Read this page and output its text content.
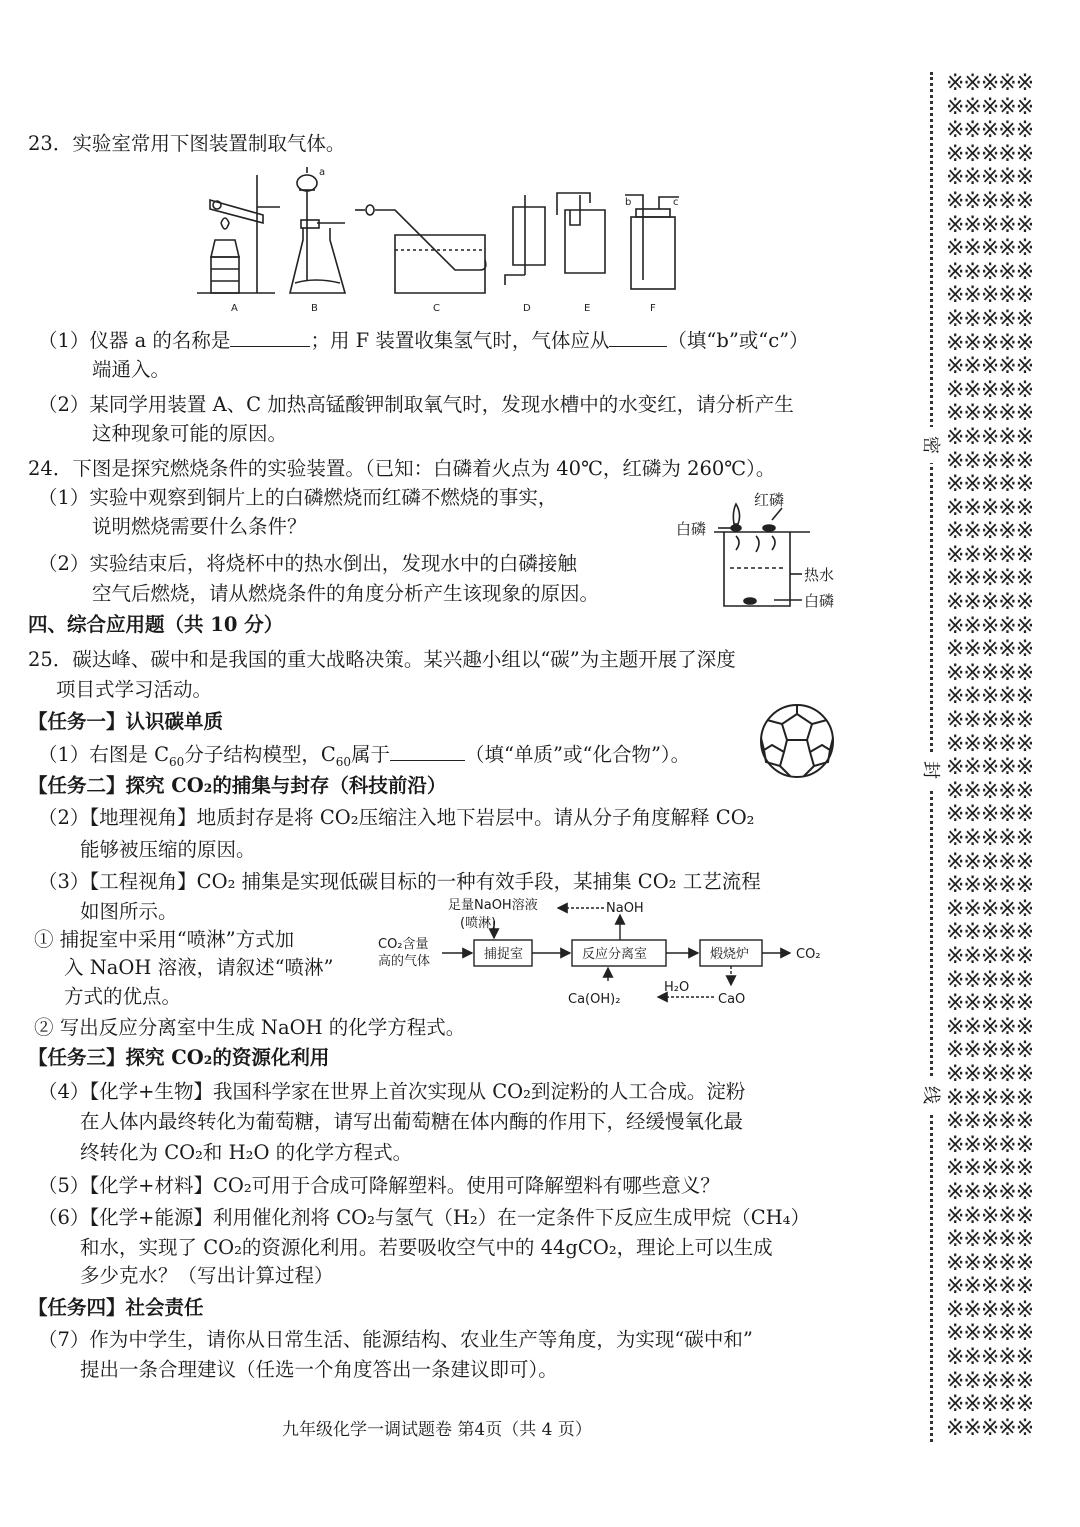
※※※※※
※※※※※
※※※※※
※※※※※
※※※※※
※※※※※
※※※※※
※※※※※
※※※※※
※※※※※
※※※※※
※※※※※
※※※※※
※※※※※
※※※※※
※※※※※
※※※※※
※※※※※
※※※※※
※※※※※
※※※※※
※※※※※
※※※※※
※※※※※
※※※※※
※※※※※
※※※※※
※※※※※
※※※※※
※※※※※
※※※※※
※※※※※
※※※※※
※※※※※
※※※※※
※※※※※
※※※※※
※※※※※
※※※※※
※※※※※
※※※※※
※※※※※
※※※※※
※※※※※
※※※※※
※※※※※
※※※※※
※※※※※
※※※※※
※※※※※
※※※※※
※※※※※
※※※※※
※※※※※
※※※※※
※※※※※
※※※※※
※※※※※
密
封
线
23．实验室常用下图装置制取气体。
A	B	C	D	E	F
a
b	c
（1）仪器 a 的名称是	；用 F 装置收集氢气时，气体应从	（填“b”或“c”）
端通入。
（2）某同学用装置 A、C 加热高锰酸钾制取氧气时，发现水槽中的水变红，请分析产生
这种现象可能的原因。
24．下图是探究燃烧条件的实验装置。（已知：白磷着火点为 40℃，红磷为 260℃）。
（1）实验中观察到铜片上的白磷燃烧而红磷不燃烧的事实，
说明燃烧需要什么条件？
（2）实验结束后，将烧杯中的热水倒出，发现水中的白磷接触
空气后燃烧，请从燃烧条件的角度分析产生该现象的原因。
红磷
白磷
热水
白磷
四、综合应用题（共 10 分）
25．碳达峰、碳中和是我国的重大战略决策。某兴趣小组以“碳”为主题开展了深度
项目式学习活动。
【任务一】认识碳单质
（1）右图是 $C_{60}$分子结构模型，$C_{60}$属于	（填“单质”或“化合物”）。
【任务二】探究 CO₂的捕集与封存（科技前沿）
（2）【地理视角】地质封存是将 CO₂压缩注入地下岩层中。请从分子角度解释 CO₂
能够被压缩的原因。
（3）【工程视角】CO₂ 捕集是实现低碳目标的一种有效手段，某捕集 CO₂ 工艺流程
如图所示。
① 捕捉室中采用“喷淋”方式加
入 NaOH 溶液，请叙述“喷淋”
方式的优点。
② 写出反应分离室中生成 NaOH 的化学方程式。
CO₂含量
高的气体
足量NaOH溶液
(喷淋)
NaOH
捕捉室	反应分离室	煅烧炉	CO₂
Ca(OH)₂
H₂O
CaO
【任务三】探究 CO₂的资源化利用
（4）【化学+生物】我国科学家在世界上首次实现从 CO₂到淀粉的人工合成。淀粉
在人体内最终转化为葡萄糖，请写出葡萄糖在体内酶的作用下，经缓慢氧化最
终转化为 CO₂和 H₂O 的化学方程式。
（5）【化学+材料】CO₂可用于合成可降解塑料。使用可降解塑料有哪些意义？
（6）【化学+能源】利用催化剂将 CO₂与氢气（H₂）在一定条件下反应生成甲烷（CH₄）
和水，实现了 CO₂的资源化利用。若要吸收空气中的 44gCO₂，理论上可以生成
多少克水？（写出计算过程）
【任务四】社会责任
（7）作为中学生，请你从日常生活、能源结构、农业生产等角度，为实现“碳中和”
提出一条合理建议（任选一个角度答出一条建议即可）。
九年级化学一调试题卷 第4页（共 4 页）
